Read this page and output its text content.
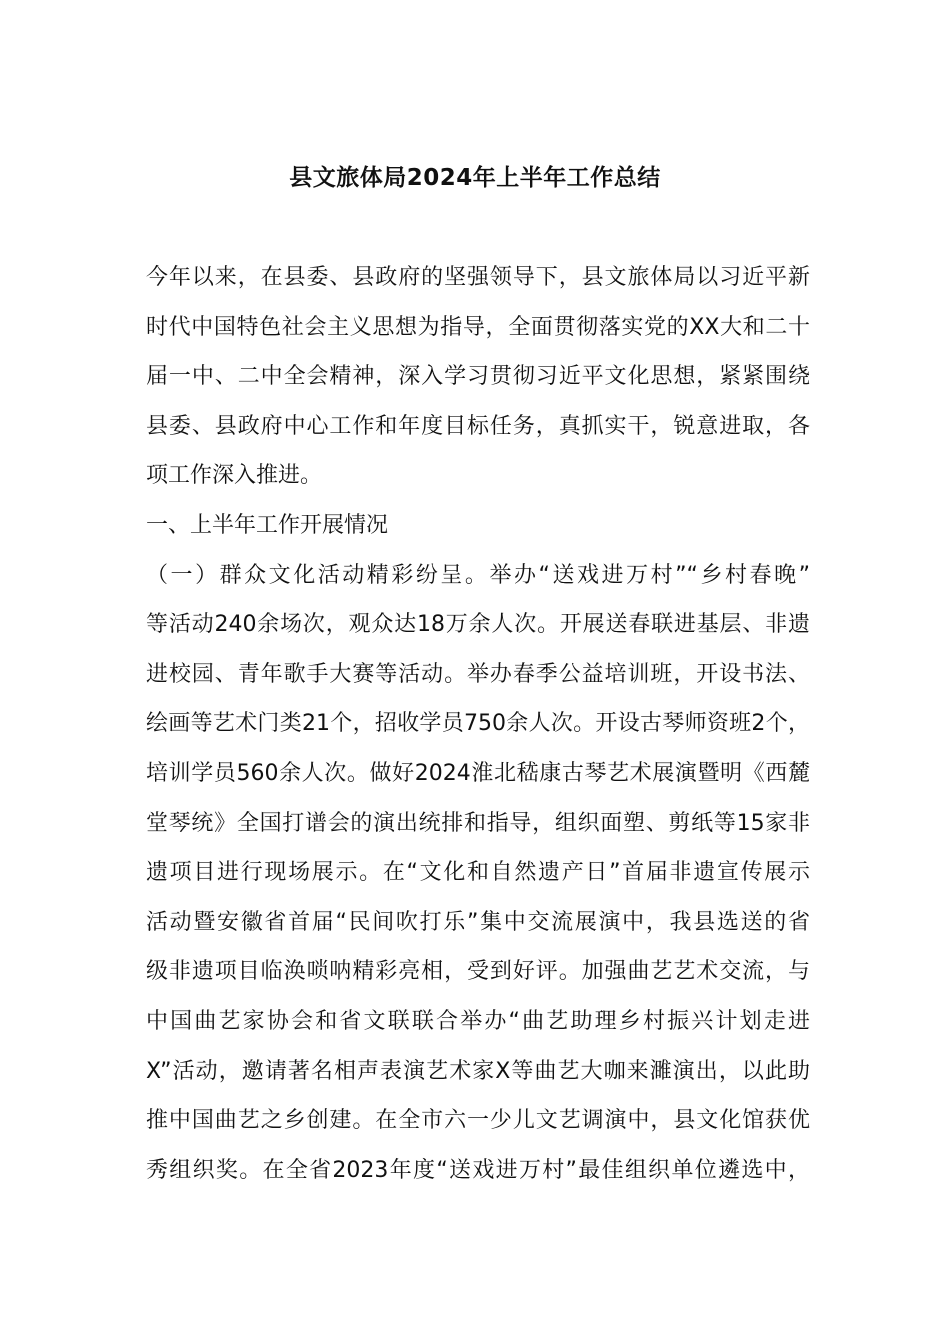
县文旅体局2024年上半年工作总结
今年以来，在县委、县政府的坚强领导下，县文旅体局以习近平新
时代中国特色社会主义思想为指导，全面贯彻落实党的XX大和二十
届一中、二中全会精神，深入学习贯彻习近平文化思想，紧紧围绕
县委、县政府中心工作和年度目标任务，真抓实干，锐意进取，各
项工作深入推进。
一、上半年工作开展情况
（一）群众文化活动精彩纷呈。举办“送戏进万村”“乡村春晚”
等活动240余场次，观众达18万余人次。开展送春联进基层、非遗
进校园、青年歌手大赛等活动。举办春季公益培训班，开设书法、
绘画等艺术门类21个，招收学员750余人次。开设古琴师资班2个，
培训学员560余人次。做好2024淮北嵇康古琴艺术展演暨明《西麓
堂琴统》全国打谱会的演出统排和指导，组织面塑、剪纸等15家非
遗项目进行现场展示。在“文化和自然遗产日”首届非遗宣传展示
活动暨安徽省首届“民间吹打乐”集中交流展演中，我县选送的省
级非遗项目临涣唢呐精彩亮相，受到好评。加强曲艺艺术交流，与
中国曲艺家协会和省文联联合举办“曲艺助理乡村振兴计划走进
X”活动，邀请著名相声表演艺术家X等曲艺大咖来濉演出，以此助
推中国曲艺之乡创建。在全市六一少儿文艺调演中，县文化馆获优
秀组织奖。在全省2023年度“送戏进万村”最佳组织单位遴选中，
